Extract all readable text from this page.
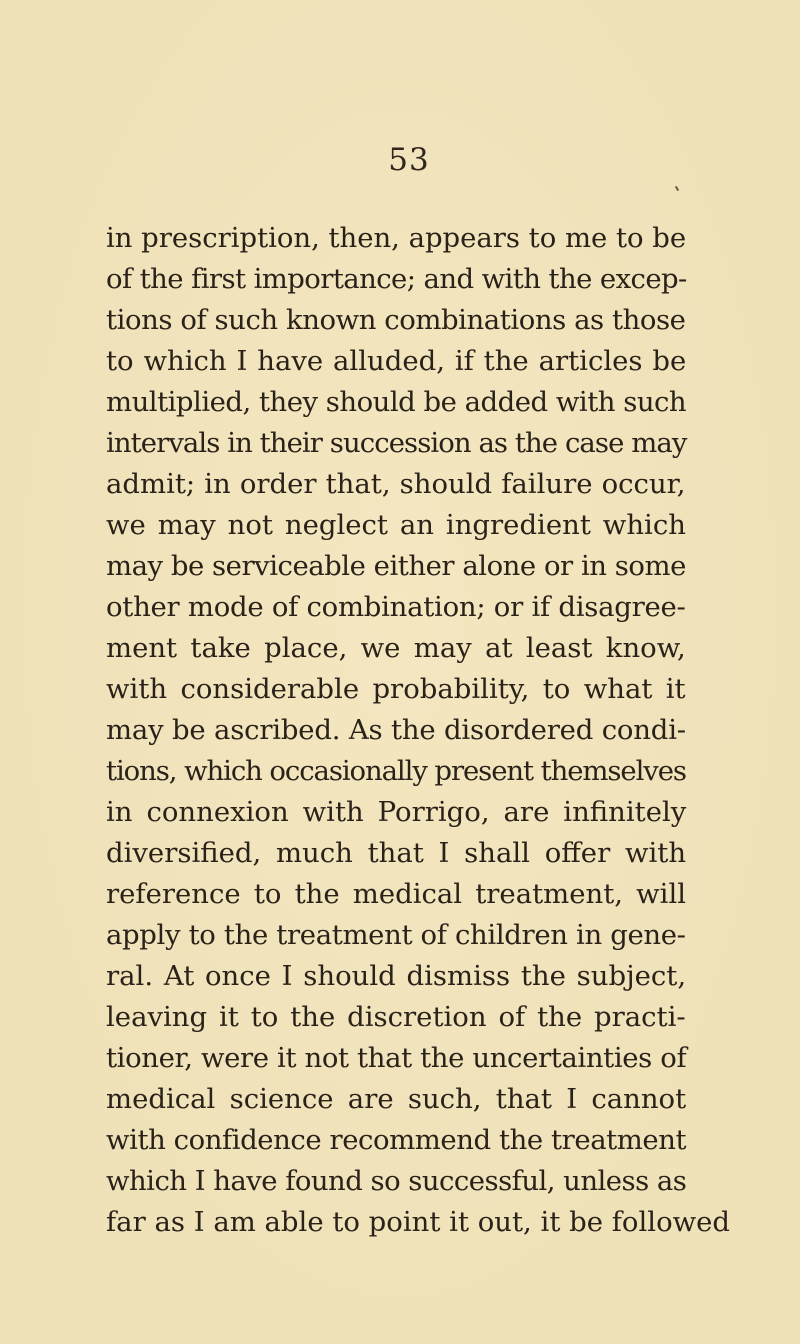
53
in prescription, then, appears to me to be
of the first importance; and with the excep-
tions of such known combinations as those
to which I have alluded, if the articles be
multiplied, they should be added with such
intervals in their succession as the case may
admit; in order that, should failure occur,
we may not neglect an ingredient which
may be serviceable either alone or in some
other mode of combination; or if disagree-
ment take place, we may at least know,
with considerable probability, to what it
may be ascribed. As the disordered condi-
tions, which occasionally present themselves
in connexion with Porrigo, are infinitely
diversified, much that I shall offer with
reference to the medical treatment, will
apply to the treatment of children in gene-
ral. At once I should dismiss the subject,
leaving it to the discretion of the practi-
tioner, were it not that the uncertainties of
medical science are such, that I cannot
with confidence recommend the treatment
which I have found so successful, unless as
far as I am able to point it out, it be followed
